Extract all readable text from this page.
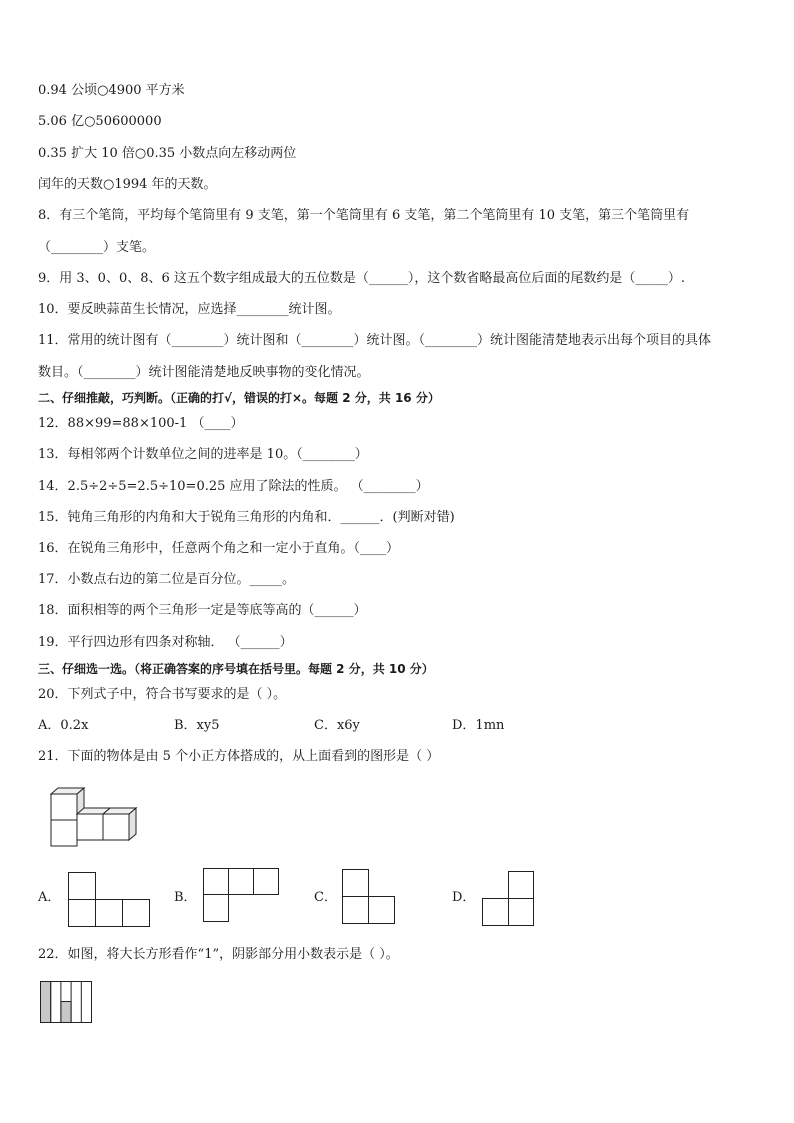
0.94 公顷○4900 平方米
5.06 亿○50600000
0.35 扩大 10 倍○0.35 小数点向左移动两位
闰年的天数○1994 年的天数。
8．有三个笔筒，平均每个笔筒里有 9 支笔，第一个笔筒里有 6 支笔，第二个笔筒里有 10 支笔，第三个笔筒里有
（________）支笔。
9．用 3、0、0、8、6 这五个数字组成最大的五位数是（______），这个数省略最高位后面的尾数约是（_____）.
10．要反映蒜苗生长情况，应选择________统计图。
11．常用的统计图有（________）统计图和（________）统计图。（________）统计图能清楚地表示出每个项目的具体
数目。（________）统计图能清楚地反映事物的变化情况。
二、仔细推敲，巧判断。（正确的打√，错误的打×。每题 2 分，共 16 分）
12．88×99=88×100-1 （____）
13．每相邻两个计数单位之间的进率是 10。（________）
14．2.5÷2÷5=2.5÷10=0.25 应用了除法的性质。 （________）
15．钝角三角形的内角和大于锐角三角形的内角和．______．(判断对错)
16．在锐角三角形中，任意两个角之和一定小于直角。（____）
17．小数点右边的第二位是百分位。_____。
18．面积相等的两个三角形一定是等底等高的（______）
19．平行四边形有四条对称轴． （______）
三、仔细选一选。（将正确答案的序号填在括号里。每题 2 分，共 10 分）
20．下列式子中，符合书写要求的是（ ）。
A．0.2x	B．xy5	C．x6y	D．1mn
21．下面的物体是由 5 个小正方体搭成的，从上面看到的图形是（ ）
A．	B．	C．	D．
22．如图，将大长方形看作“1”，阴影部分用小数表示是（ ）。
